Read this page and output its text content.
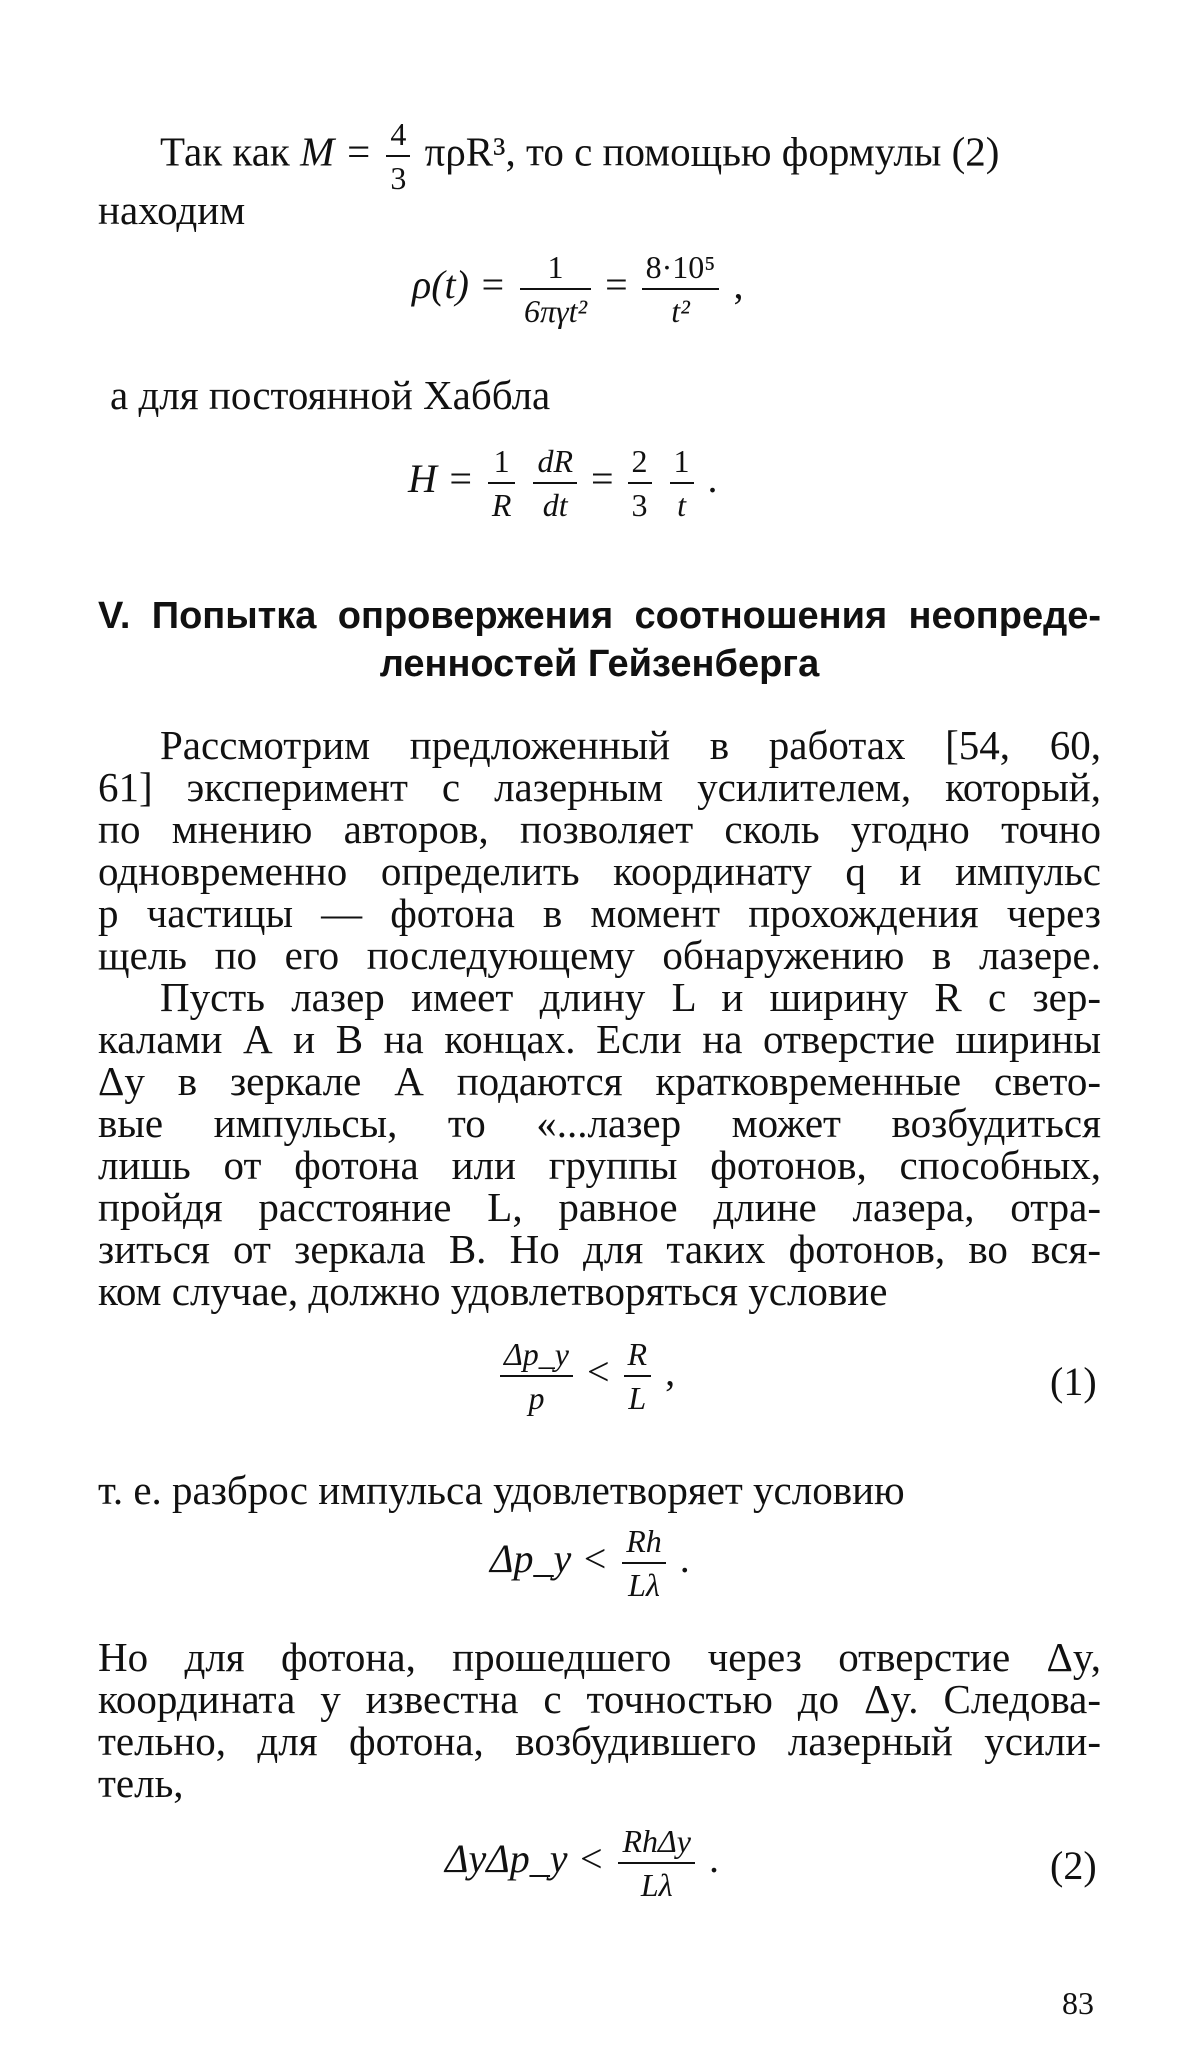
Так как $M = \frac{4}{3} \pi\rho R^3$, то с помощью формулы (2)
находим
$\rho(t) = \frac{1}{\text{6πγt²}} = \frac{\text{8·10⁵}}{\text{t²}}$ ,
а для постоянной Хаббла
$H = \frac{1}{R}$
$\frac{dR}{dt} = \frac{2}{3}$
$\frac{1}{t}$ .
V. Попытка опровержения соотношения неопреде-
ленностей Гейзенберга
Рассмотрим предложенный в работах [54, 60,
61] эксперимент с лазерным усилителем, который,
по мнению авторов, позволяет сколь угодно точно
одновременно определить координату q и импульс
p частицы — фотона в момент прохождения через
щель по его последующему обнаружению в лазере.
Пусть лазер имеет длину L и ширину R с зер-
калами А и В на концах. Если на отверстие ширины
Δy в зеркале А подаются кратковременные свето-
вые импульсы, то «...лазер может возбудиться
лишь от фотона или группы фотонов, способных,
пройдя расстояние L, равное длине лазера, отра-
зиться от зеркала В. Но для таких фотонов, во вся-
ком случае, должно удовлетворяться условие
$\frac{\Delta p\_y}{p} < \frac{R}{L}$ ,	(1)
т. е. разброс импульса удовлетворяет условию
Δp_y < $\frac{Rh}{L\lambda}$ .
Но для фотона, прошедшего через отверстие Δy,
координата y известна с точностью до Δy. Следова-
тельно, для фотона, возбудившего лазерный усили-
тель,
ΔyΔp_y < $\frac{\text{RhΔy}}{L\lambda}$ .	(2)
83
